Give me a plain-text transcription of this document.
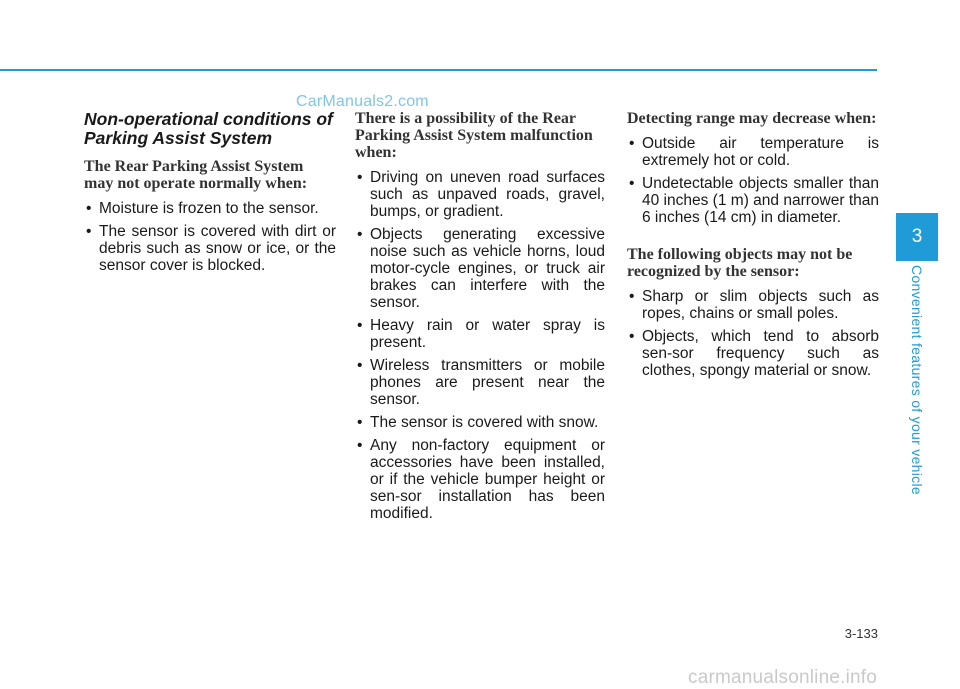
CarManuals2.com
Non-operational conditions of Parking Assist System
The Rear Parking Assist System may not operate normally when:
• Moisture is frozen to the sensor.
• The sensor is covered with dirt or debris such as snow or ice, or the sensor cover is blocked.
There is a possibility of the Rear Parking Assist System malfunction when:
• Driving on uneven road surfaces such as unpaved roads, gravel, bumps, or gradient.
• Objects generating excessive noise such as vehicle horns, loud motor-cycle engines, or truck air brakes can interfere with the sensor.
• Heavy rain or water spray is present.
• Wireless transmitters or mobile phones are present near the sensor.
• The sensor is covered with snow.
• Any non-factory equipment or accessories have been installed, or if the vehicle bumper height or sen-sor installation has been modified.
Detecting range may decrease when:
• Outside air temperature is extremely hot or cold.
• Undetectable objects smaller than 40 inches (1 m) and narrower than 6 inches (14 cm) in diameter.
The following objects may not be recognized by the sensor:
• Sharp or slim objects such as ropes, chains or small poles.
• Objects, which tend to absorb sen-sor frequency such as clothes, spongy material or snow.
3
Convenient features of your vehicle
3-133
carmanualsonline.info
